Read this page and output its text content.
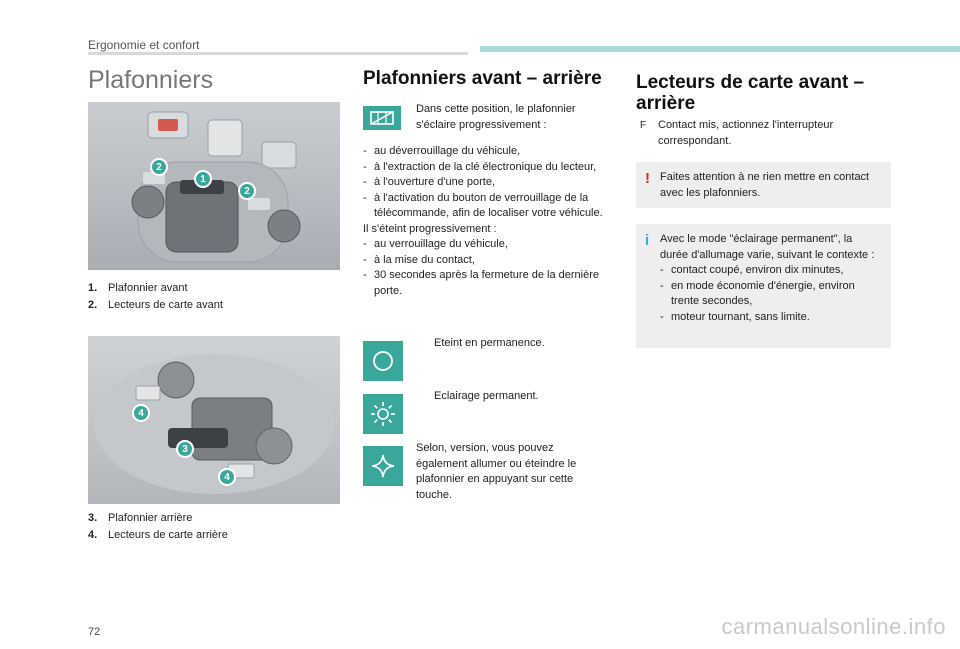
Ergonomie et confort
Plafonniers
2
1
2
1. Plafonnier avant
2. Lecteurs de carte avant
4
3
4
3. Plafonnier arrière
4. Lecteurs de carte arrière
Plafonniers avant – arrière
Dans cette position, le plafonnier s'éclaire progressivement :
- au déverrouillage du véhicule,
- à l'extraction de la clé électronique du lecteur,
- à l'ouverture d'une porte,
- à l'activation du bouton de verrouillage de la télécommande, afin de localiser votre véhicule.
Il s'éteint progressivement :
- au verrouillage du véhicule,
- à la mise du contact,
- 30 secondes après la fermeture de la dernière porte.
Eteint en permanence.
Eclairage permanent.
Selon, version, vous pouvez également allumer ou éteindre le plafonnier en appuyant sur cette touche.
Lecteurs de carte avant – arrière
F	Contact mis, actionnez l'interrupteur correspondant.
! Faites attention à ne rien mettre en contact avec les plafonniers.
i Avec le mode "éclairage permanent", la durée d'allumage varie, suivant le contexte :
- contact coupé, environ dix minutes,
- en mode économie d'énergie, environ trente secondes,
- moteur tournant, sans limite.
72	carmanualsonline.info
